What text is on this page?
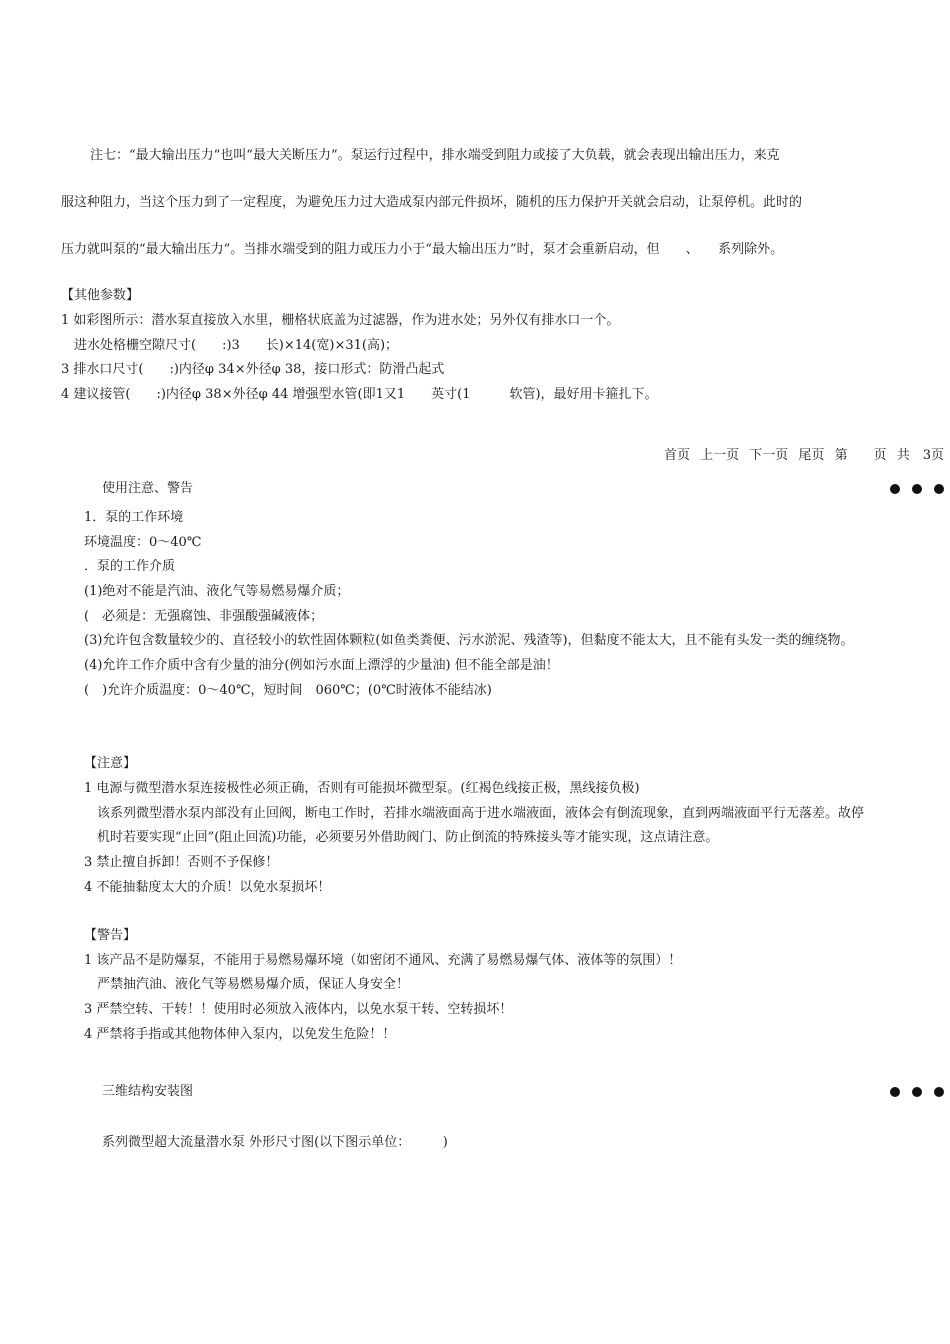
注七：“最大输出压力”也叫“最大关断压力”。泵运行过程中，排水端受到阻力或接了大负载，就会表现出输出压力，来克
服这种阻力，当这个压力到了一定程度，为避免压力过大造成泵内部元件损坏，随机的压力保护开关就会启动，让泵停机。此时的
压力就叫泵的“最大输出压力”。当排水端受到的阻力或压力小于“最大输出压力”时，泵才会重新启动，但　　、　　系列除外。
【其他参数】
1 如彩图所示：潜水泵直接放入水里，栅格状底盖为过滤器，作为进水处；另外仅有排水口一个。
　进水处格栅空隙尺寸(　　:)3　　长)×14(宽)×31(高)；
3 排水口尺寸(　　:)内径φ 34×外径φ 38，接口形式：防滑凸起式
4 建议接管(　　:)内径φ 38×外径φ 44 增强型水管(即1又1　　英寸(1　　　软管)，最好用卡箍扎下。
首页 上一页 下一页 尾页 第　　页 共　3页
使用注意、警告
1．泵的工作环境
环境温度：0～40℃
．泵的工作介质
(1)绝对不能是汽油、液化气等易燃易爆介质；
(　必须是：无强腐蚀、非强酸强碱液体；
(3)允许包含数量较少的、直径较小的软性固体颗粒(如鱼类粪便、污水淤泥、残渣等)，但黏度不能太大，且不能有头发一类的缠绕物。
(4)允许工作介质中含有少量的油分(例如污水面上漂浮的少量油) 但不能全部是油！
(　)允许介质温度：0～40℃，短时间　060℃；(0℃时液体不能结冰)
【注意】
1 电源与微型潜水泵连接极性必须正确，否则有可能损坏微型泵。(红褐色线接正极，黑线接负极)
　该系列微型潜水泵内部没有止回阀，断电工作时，若排水端液面高于进水端液面，液体会有倒流现象，直到两端液面平行无落差。故停
　机时若要实现“止回”(阻止回流)功能，必须要另外借助阀门、防止倒流的特殊接头等才能实现，这点请注意。
3 禁止擅自拆卸！否则不予保修！
4 不能抽黏度太大的介质！以免水泵损坏！
【警告】
1 该产品不是防爆泵，不能用于易燃易爆环境（如密闭不通风、充满了易燃易爆气体、液体等的氛围）！
　严禁抽汽油、液化气等易燃易爆介质，保证人身安全！
3 严禁空转、干转！！使用时必须放入液体内，以免水泵干转、空转损坏！
4 严禁将手指或其他物体伸入泵内，以免发生危险！！
三维结构安装图
系列微型超大流量潜水泵 外形尺寸图(以下图示单位：　　　)
